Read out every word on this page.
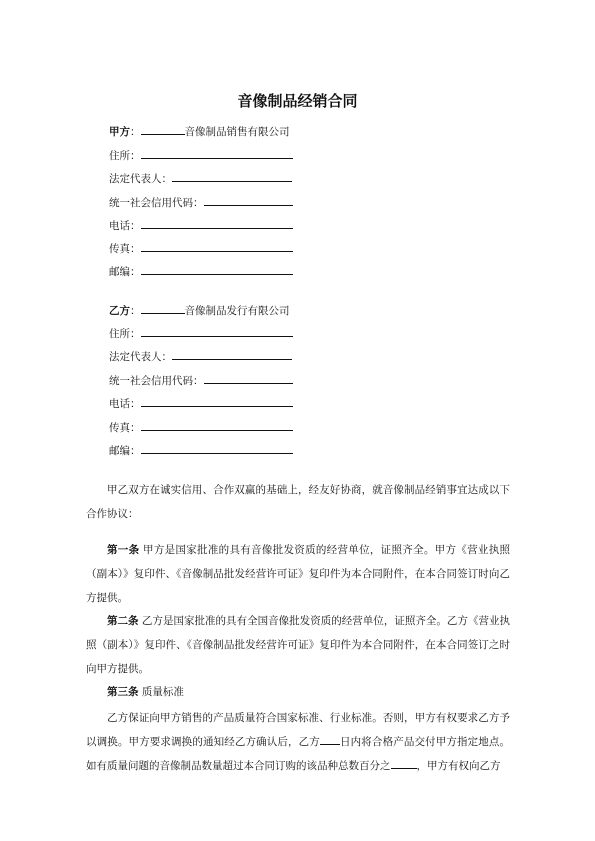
音像制品经销合同
甲方：	音像制品销售有限公司
住所：
法定代表人：
统一社会信用代码：
电话：
传真：
邮编：
乙方：	音像制品发行有限公司
住所：
法定代表人：
统一社会信用代码：
电话：
传真：
邮编：
甲乙双方在诚实信用、合作双赢的基础上，经友好协商，就音像制品经销事宜达成以下合作协议：
第一条 甲方是国家批准的具有音像批发资质的经营单位，证照齐全。甲方《营业执照（副本）》复印件、《音像制品批发经营许可证》复印件为本合同附件，在本合同签订时向乙方提供。
第二条 乙方是国家批准的具有全国音像批发资质的经营单位，证照齐全。乙方《营业执照（副本）》复印件、《音像制品批发经营许可证》复印件为本合同附件，在本合同签订之时向甲方提供。
第三条 质量标准
乙方保证向甲方销售的产品质量符合国家标准、行业标准。否则，甲方有权要求乙方予以调换。甲方要求调换的通知经乙方确认后，乙方 日内将合格产品交付甲方指定地点。如有质量问题的音像制品数量超过本合同订购的该品种总数百分之 ，甲方有权向乙方
